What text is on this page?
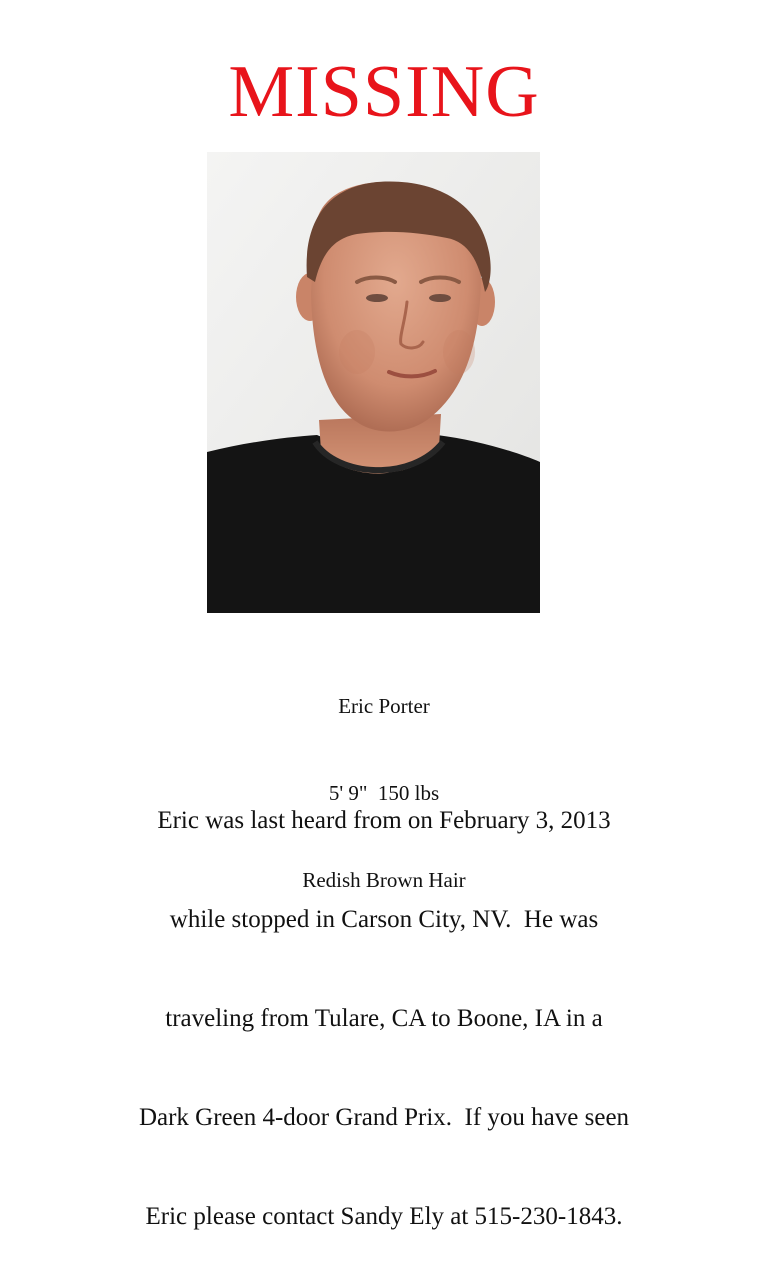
MISSING

Eric Porter

5' 9"  150 lbs

Redish Brown Hair

Eric was last heard from on February 3, 2013

while stopped in Carson City, NV.  He was

traveling from Tulare, CA to Boone, IA in a

Dark Green 4-door Grand Prix.  If you have seen

Eric please contact Sandy Ely at 515-230-1843.
